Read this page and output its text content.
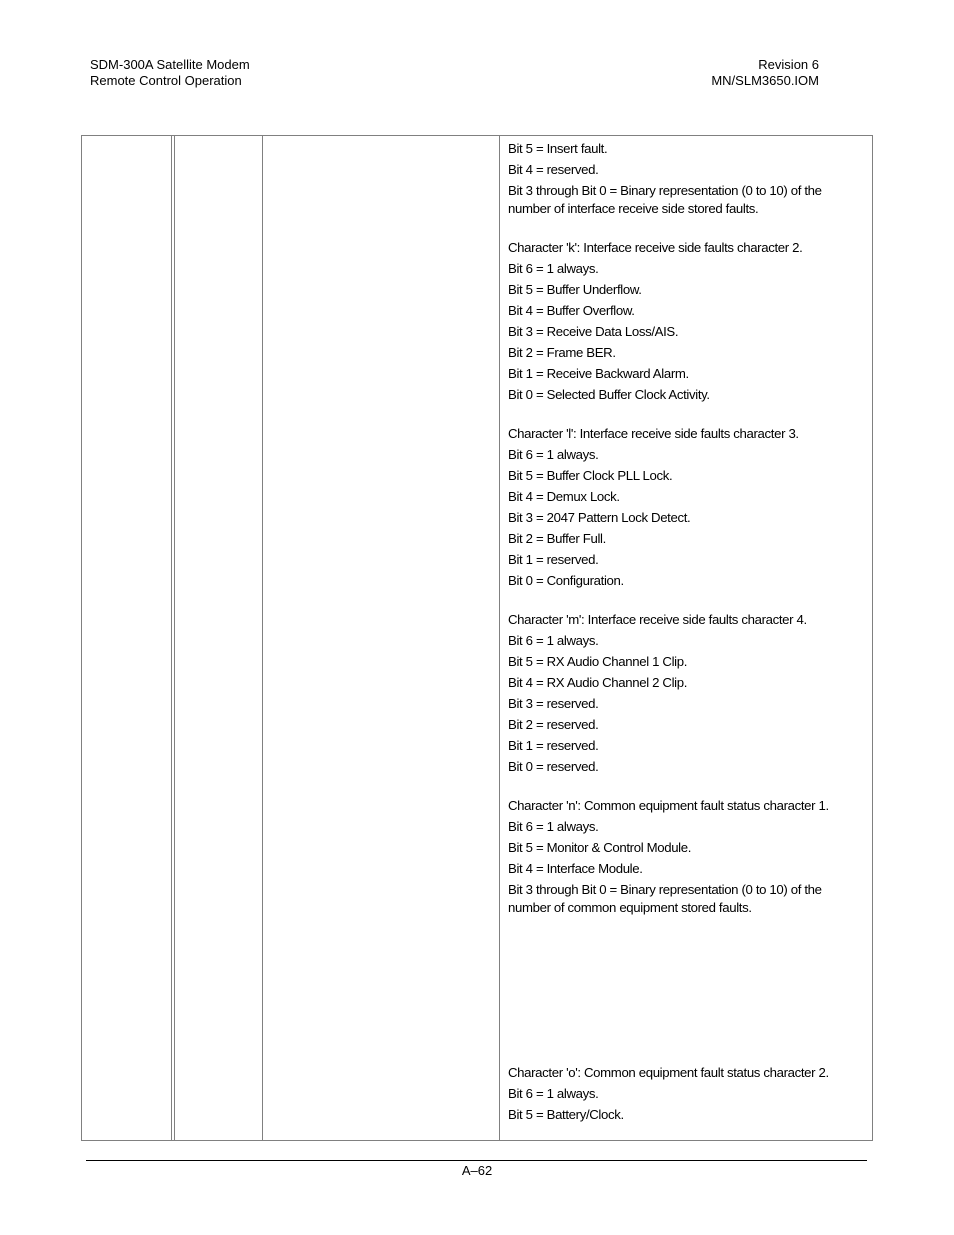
SDM-300A Satellite Modem
Remote Control Operation
Revision 6
MN/SLM3650.IOM
Bit 5 = Insert fault.
Bit 4 = reserved.
Bit 3 through Bit 0 = Binary representation (0 to 10) of the number of interface receive side stored faults.
Character 'k': Interface receive side faults character 2.
Bit 6 = 1 always.
Bit 5 = Buffer Underflow.
Bit 4 = Buffer Overflow.
Bit 3 = Receive Data Loss/AIS.
Bit 2 = Frame BER.
Bit 1 = Receive Backward Alarm.
Bit 0 = Selected Buffer Clock Activity.
Character 'l': Interface receive side faults character 3.
Bit 6 = 1 always.
Bit 5 = Buffer Clock PLL Lock.
Bit 4 = Demux Lock.
Bit 3 = 2047 Pattern Lock Detect.
Bit 2 = Buffer Full.
Bit 1 = reserved.
Bit 0 = Configuration.
Character 'm': Interface receive side faults character 4.
Bit 6 = 1 always.
Bit 5 = RX Audio Channel 1 Clip.
Bit 4 = RX Audio Channel 2 Clip.
Bit 3 = reserved.
Bit 2 = reserved.
Bit 1 = reserved.
Bit 0 = reserved.
Character 'n': Common equipment fault status character 1.
Bit 6 = 1 always.
Bit 5 = Monitor & Control Module.
Bit 4 = Interface Module.
Bit 3 through Bit 0 = Binary representation (0 to 10) of the number of common equipment stored faults.
Character 'o': Common equipment fault status character 2.
Bit 6 = 1 always.
Bit 5 = Battery/Clock.
A–62
